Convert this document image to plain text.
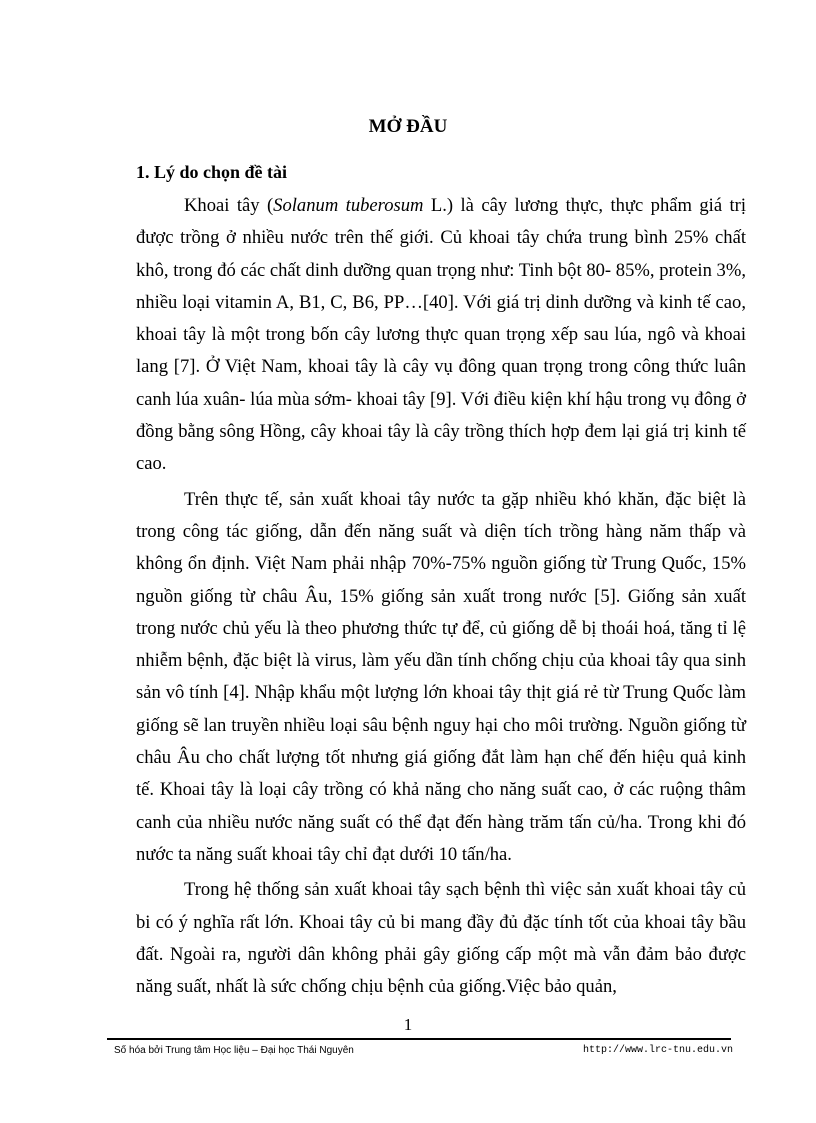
MỞ ĐẦU
1. Lý do chọn đề tài

Khoai tây (Solanum tuberosum L.) là cây lương thực, thực phẩm giá trị được trồng ở nhiều nước trên thế giới. Củ khoai tây chứa trung bình 25% chất khô, trong đó các chất dinh dưỡng quan trọng như: Tinh bột 80- 85%, protein 3%, nhiều loại vitamin A, B1, C, B6, PP…[40]. Với giá trị dinh dưỡng và kinh tế cao, khoai tây là một trong bốn cây lương thực quan trọng xếp sau lúa, ngô và khoai lang [7]. Ở Việt Nam, khoai tây là cây vụ đông quan trọng trong công thức luân canh lúa xuân- lúa mùa sớm- khoai tây [9]. Với điều kiện khí hậu trong vụ đông ở đồng bằng sông Hồng, cây khoai tây là cây trồng thích hợp đem lại giá trị kinh tế cao.

Trên thực tế, sản xuất khoai tây nước ta gặp nhiều khó khăn, đặc biệt là trong công tác giống, dẫn đến năng suất và diện tích trồng hàng năm thấp và không ổn định. Việt Nam phải nhập 70%-75% nguồn giống từ Trung Quốc, 15% nguồn giống từ châu Âu, 15% giống sản xuất trong nước [5]. Giống sản xuất trong nước chủ yếu là theo phương thức tự để, củ giống dễ bị thoái hoá, tăng tỉ lệ nhiễm bệnh, đặc biệt là virus, làm yếu dần tính chống chịu của khoai tây qua sinh sản vô tính [4]. Nhập khẩu một lượng lớn khoai tây thịt giá rẻ từ Trung Quốc làm giống sẽ lan truyền nhiều loại sâu bệnh nguy hại cho môi trường. Nguồn giống từ châu Âu cho chất lượng tốt nhưng giá giống đắt làm hạn chế đến hiệu quả kinh tế. Khoai tây là loại cây trồng có khả năng cho năng suất cao, ở các ruộng thâm canh của nhiều nước năng suất có thể đạt đến hàng trăm tấn củ/ha. Trong khi đó nước ta năng suất khoai tây chỉ đạt dưới 10 tấn/ha.

Trong hệ thống sản xuất khoai tây sạch bệnh thì việc sản xuất khoai tây củ bi có ý nghĩa rất lớn. Khoai tây củ bi mang đầy đủ đặc tính tốt của khoai tây bầu đất. Ngoài ra, người dân không phải gây giống cấp một mà vẫn đảm bảo được năng suất, nhất là sức chống chịu bệnh của giống.Việc bảo quản,

1
Số hóa bởi Trung tâm Học liệu – Đại học Thái Nguyên	http://www.lrc-tnu.edu.vn
